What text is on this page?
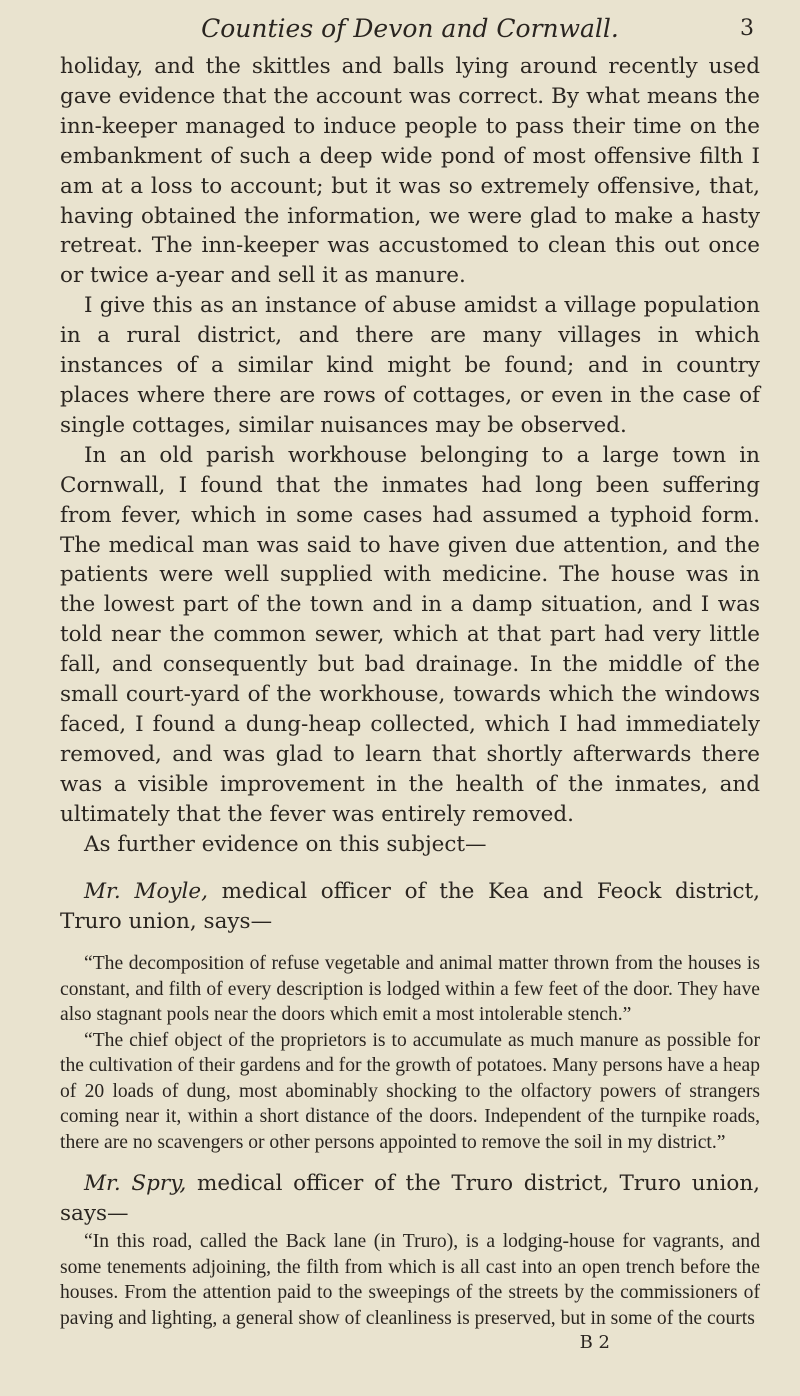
Counties of Devon and Cornwall.	3

holiday, and the skittles and balls lying around recently used gave evidence that the account was correct. By what means the inn-keeper managed to induce people to pass their time on the embankment of such a deep wide pond of most offensive filth I am at a loss to account; but it was so extremely offensive, that, having obtained the information, we were glad to make a hasty retreat. The inn-keeper was accustomed to clean this out once or twice a-year and sell it as manure.

I give this as an instance of abuse amidst a village population in a rural district, and there are many villages in which instances of a similar kind might be found; and in country places where there are rows of cottages, or even in the case of single cottages, similar nuisances may be observed.

In an old parish workhouse belonging to a large town in Cornwall, I found that the inmates had long been suffering from fever, which in some cases had assumed a typhoid form. The medical man was said to have given due attention, and the patients were well supplied with medicine. The house was in the lowest part of the town and in a damp situation, and I was told near the common sewer, which at that part had very little fall, and consequently but bad drainage. In the middle of the small court-yard of the workhouse, towards which the windows faced, I found a dung-heap collected, which I had immediately removed, and was glad to learn that shortly afterwards there was a visible improvement in the health of the inmates, and ultimately that the fever was entirely removed.

As further evidence on this subject—

Mr. Moyle, medical officer of the Kea and Feock district, Truro union, says—

“The decomposition of refuse vegetable and animal matter thrown from the houses is constant, and filth of every description is lodged within a few feet of the door. They have also stagnant pools near the doors which emit a most intolerable stench.”

“The chief object of the proprietors is to accumulate as much manure as possible for the cultivation of their gardens and for the growth of potatoes. Many persons have a heap of 20 loads of dung, most abominably shocking to the olfactory powers of strangers coming near it, within a short distance of the doors. Independent of the turnpike roads, there are no scavengers or other persons appointed to remove the soil in my district.”

Mr. Spry, medical officer of the Truro district, Truro union, says—

“In this road, called the Back lane (in Truro), is a lodging-house for vagrants, and some tenements adjoining, the filth from which is all cast into an open trench before the houses. From the attention paid to the sweepings of the streets by the commissioners of paving and lighting, a general show of cleanliness is preserved, but in some of the courts

B 2
